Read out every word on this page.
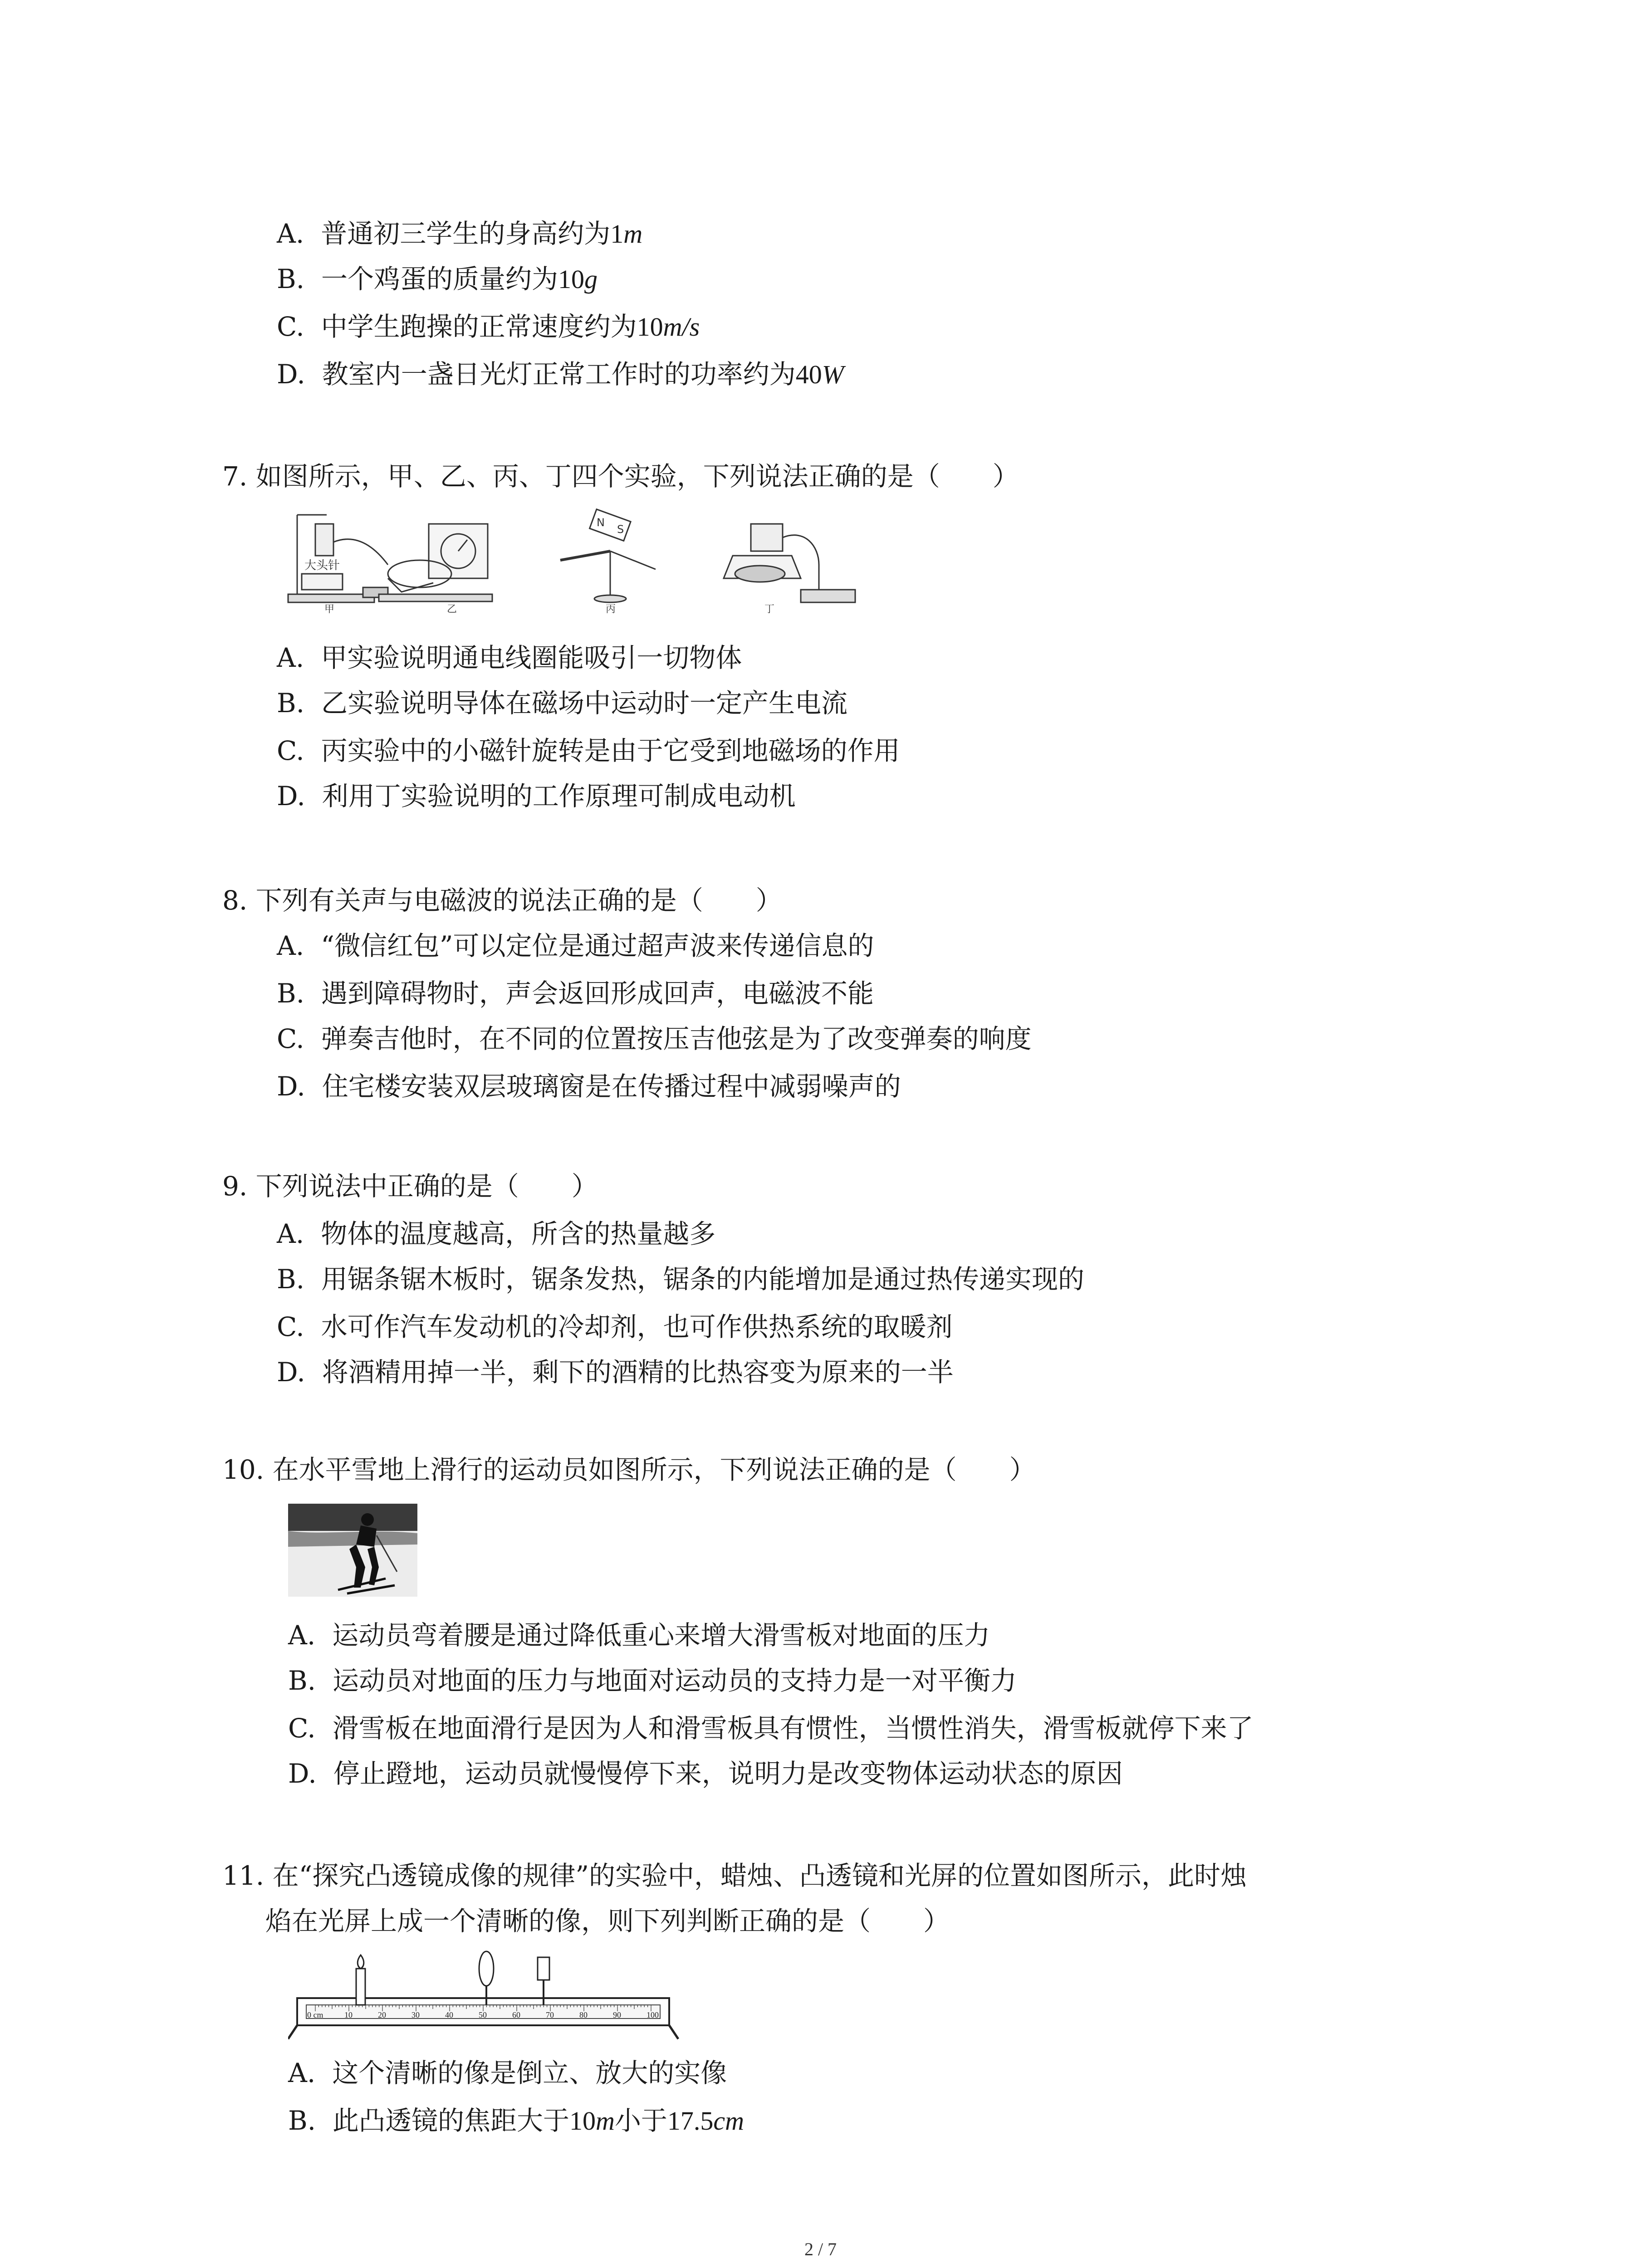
A. 普通初三学生的身高约为1m
B. 一个鸡蛋的质量约为10g
C. 中学生跑操的正常速度约为10m/s
D. 教室内一盏日光灯正常工作时的功率约为40W
7. 如图所示，甲、乙、丙、丁四个实验，下列说法正确的是（　　）
大头针
N
S
甲	乙	丙	丁
A. 甲实验说明通电线圈能吸引一切物体
B. 乙实验说明导体在磁场中运动时一定产生电流
C. 丙实验中的小磁针旋转是由于它受到地磁场的作用
D. 利用丁实验说明的工作原理可制成电动机
8. 下列有关声与电磁波的说法正确的是（　　）
A. “微信红包”可以定位是通过超声波来传递信息的
B. 遇到障碍物时，声会返回形成回声，电磁波不能
C. 弹奏吉他时，在不同的位置按压吉他弦是为了改变弹奏的响度
D. 住宅楼安装双层玻璃窗是在传播过程中减弱噪声的
9. 下列说法中正确的是（　　）
A. 物体的温度越高，所含的热量越多
B. 用锯条锯木板时，锯条发热，锯条的内能增加是通过热传递实现的
C. 水可作汽车发动机的冷却剂，也可作供热系统的取暖剂
D. 将酒精用掉一半，剩下的酒精的比热容变为原来的一半
10. 在水平雪地上滑行的运动员如图所示，下列说法正确的是（　　）
A. 运动员弯着腰是通过降低重心来增大滑雪板对地面的压力
B. 运动员对地面的压力与地面对运动员的支持力是一对平衡力
C. 滑雪板在地面滑行是因为人和滑雪板具有惯性，当惯性消失，滑雪板就停下来了
D. 停止蹬地，运动员就慢慢停下来，说明力是改变物体运动状态的原因
11. 在“探究凸透镜成像的规律”的实验中，蜡烛、凸透镜和光屏的位置如图所示，此时烛
焰在光屏上成一个清晰的像，则下列判断正确的是（　　）
0 cm	10	20	30	40	50	60	70	80	90	100
A. 这个清晰的像是倒立、放大的实像
B. 此凸透镜的焦距大于10m小于17.5cm
2 / 7
